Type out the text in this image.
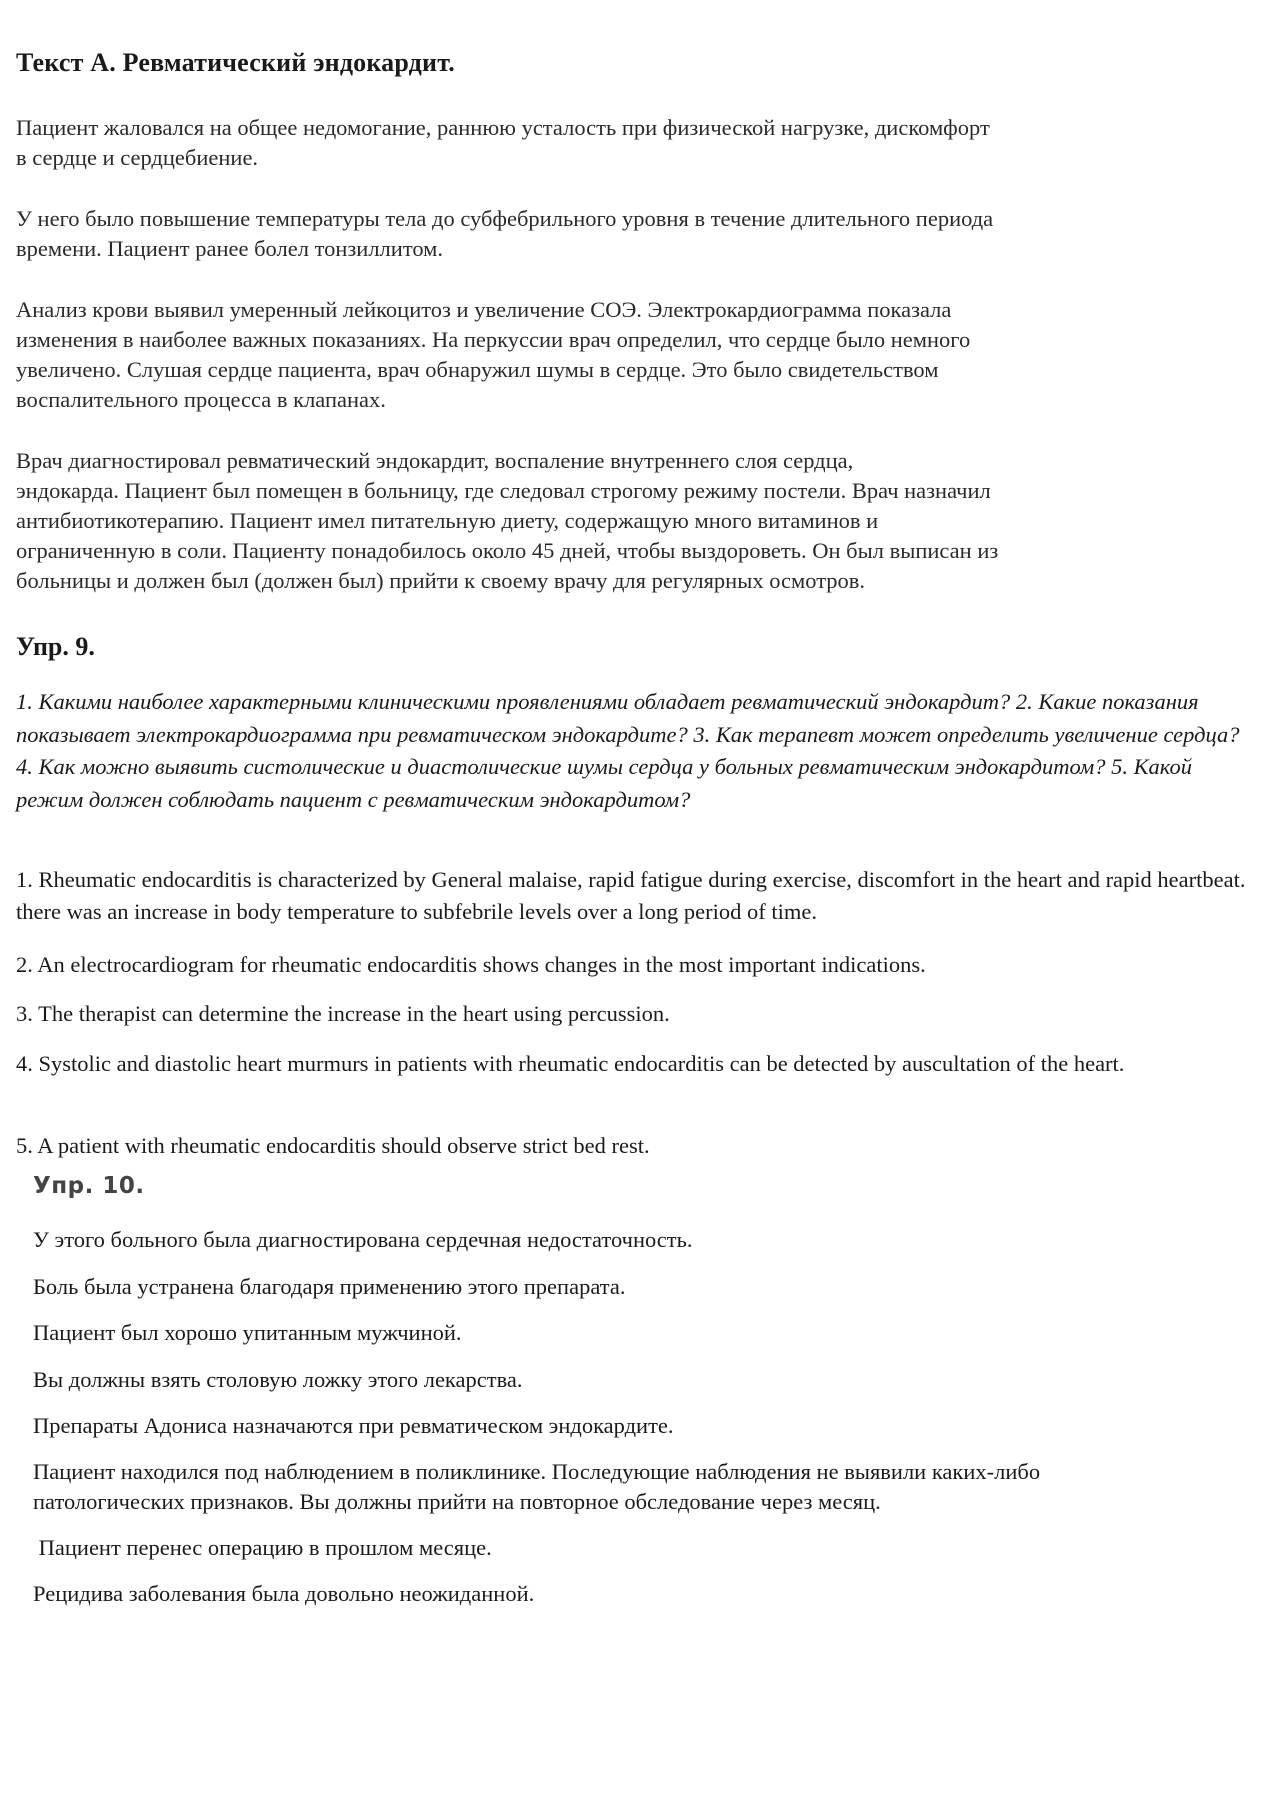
Текст А. Ревматический эндокардит.

Пациент жаловался на общее недомогание, раннюю усталость при физической нагрузке, дискомфорт
в сердце и сердцебиение.

У него было повышение температуры тела до субфебрильного уровня в течение длительного периода
времени. Пациент ранее болел тонзиллитом.

Анализ крови выявил умеренный лейкоцитоз и увеличение СОЭ. Электрокардиограмма показала
изменения в наиболее важных показаниях. На перкуссии врач определил, что сердце было немного
увеличено. Слушая сердце пациента, врач обнаружил шумы в сердце. Это было свидетельством
воспалительного процесса в клапанах.

Врач диагностировал ревматический эндокардит, воспаление внутреннего слоя сердца,
эндокарда. Пациент был помещен в больницу, где следовал строгому режиму постели. Врач назначил
антибиотикотерапию. Пациент имел питательную диету, содержащую много витаминов и
ограниченную в соли. Пациенту понадобилось около 45 дней, чтобы выздороветь. Он был выписан из
больницы и должен был (должен был) прийти к своему врачу для регулярных осмотров.

Упр. 9.

1. Какими наиболее характерными клиническими проявлениями обладает ревматический эндокардит? 2. Какие показания показывает электрокардиограмма при ревматическом эндокардите? 3. Как терапевт может определить увеличение сердца? 4. Как можно выявить систолические и диастолические шумы сердца у больных ревматическим эндокардитом? 5. Какой режим должен соблюдать пациент с ревматическим эндокардитом?

1. Rheumatic endocarditis is characterized by General malaise, rapid fatigue during exercise, discomfort in the heart and rapid heartbeat. there was an increase in body temperature to subfebrile levels over a long period of time.

2. An electrocardiogram for rheumatic endocarditis shows changes in the most important indications.

3. The therapist can determine the increase in the heart using percussion.

4. Systolic and diastolic heart murmurs in patients with rheumatic endocarditis can be detected by auscultation of the heart.

5. A patient with rheumatic endocarditis should observe strict bed rest.

Упр. 10.

У этого больного была диагностирована сердечная недостаточность.

Боль была устранена благодаря применению этого препарата.

Пациент был хорошо упитанным мужчиной.

Вы должны взять столовую ложку этого лекарства.

Препараты Адониса назначаются при ревматическом эндокардите.

Пациент находился под наблюдением в поликлинике. Последующие наблюдения не выявили каких-либо
патологических признаков. Вы должны прийти на повторное обследование через месяц.

Пациент перенес операцию в прошлом месяце.

Рецидива заболевания была довольно неожиданной.
